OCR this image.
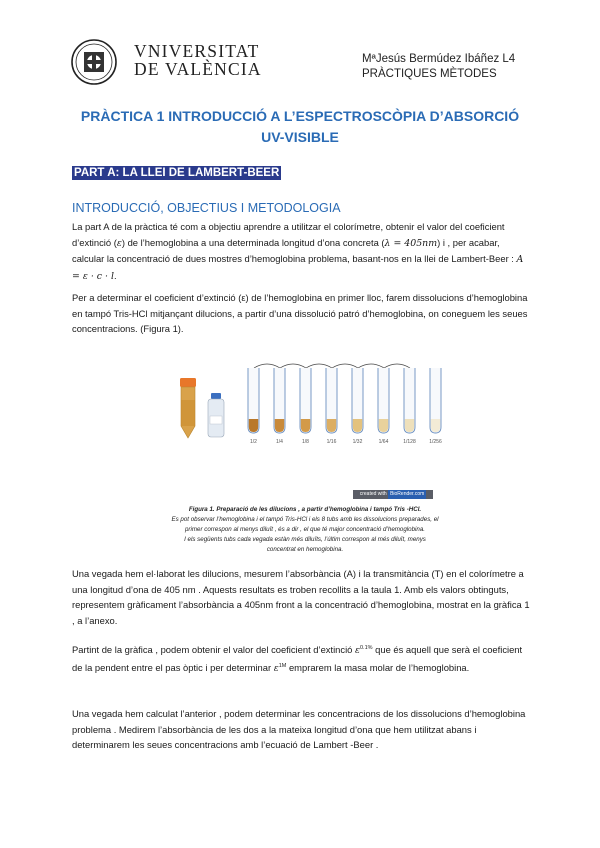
VNIVERSITAT
DE VALÈNCIA	MªJesús Bermúdez Ibáñez L4
PRÀCTIQUES MÈTODES
PRÀCTICA 1 INTRODUCCIÓ A L’ESPECTROSCÒPIA D’ABSORCIÓ
UV-VISIBLE
PART A: LA LLEI DE LAMBERT-BEER
INTRODUCCIÓ, OBJECTIUS I METODOLOGIA
La part A de la pràctica té com a objectiu aprendre a utilitzar el colorímetre, obtenir el valor del coeficient d’extinció (ε) de l’hemoglobina a una determinada longitud d’ona concreta (λ = 405nm) i , per acabar, calcular la concentració de dues mostres d’hemoglobina problema, basant-nos en la llei de Lambert-Beer : A = ε · c · l.
Per a determinar el coeficient d’extinció (ε) de l’hemoglobina en primer lloc, farem dissolucions d’hemoglobina en tampó Tris-HCl mitjançant dilucions, a partir d’una dissolució patró d’hemoglobina, on coneguem les seues concentracions. (Figura 1).
1/2	1/4	1/8	1/16	1/32	1/64	1/128	1/256
created with BioRender.com
Figura 1. Preparació de les dilucions , a partir d’hemoglobina i tampó Tris -HCl.
Es pot observar l’hemoglobina i el tampó Tris-HCl i els 8 tubs amb les dissolucions preparades, el
primer correspon al menys diluït , és a dir , el que té major concentració d’hemoglobina.
I els següents tubs cada vegada estàn més diluïts, l’últim correspon al més diluït, menys
concentrat en hemoglobina.
Una vegada hem el·laborat les dilucions, mesurem l’absorbància (A) i la transmitància (T) en el colorímetre a una longitud d’ona de 405 nm . Aquests resultats es troben recollits a la taula 1. Amb els valors obtinguts, representem gràficament l’absorbància a 405nm front a la concentració d’hemoglobina, mostrat en la gràfica 1 , a l’anexo.
Partint de la gràfica , podem obtenir el valor del coeficient d’extinció $\varepsilon^{0.1\%}$ que és aquell que serà el coeficient de la pendent entre el pas òptic i per determinar $\varepsilon^{1M}$ emprarem la masa molar de l’hemoglobina.
Una vegada hem calculat l’anterior , podem determinar les concentracions de los dissolucions d’hemoglobina problema . Medirem l’absorbància de les dos a la mateixa longitud d’ona que hem utilitzat abans i determinarem les seues concentracions amb l’ecuació de Lambert -Beer .
